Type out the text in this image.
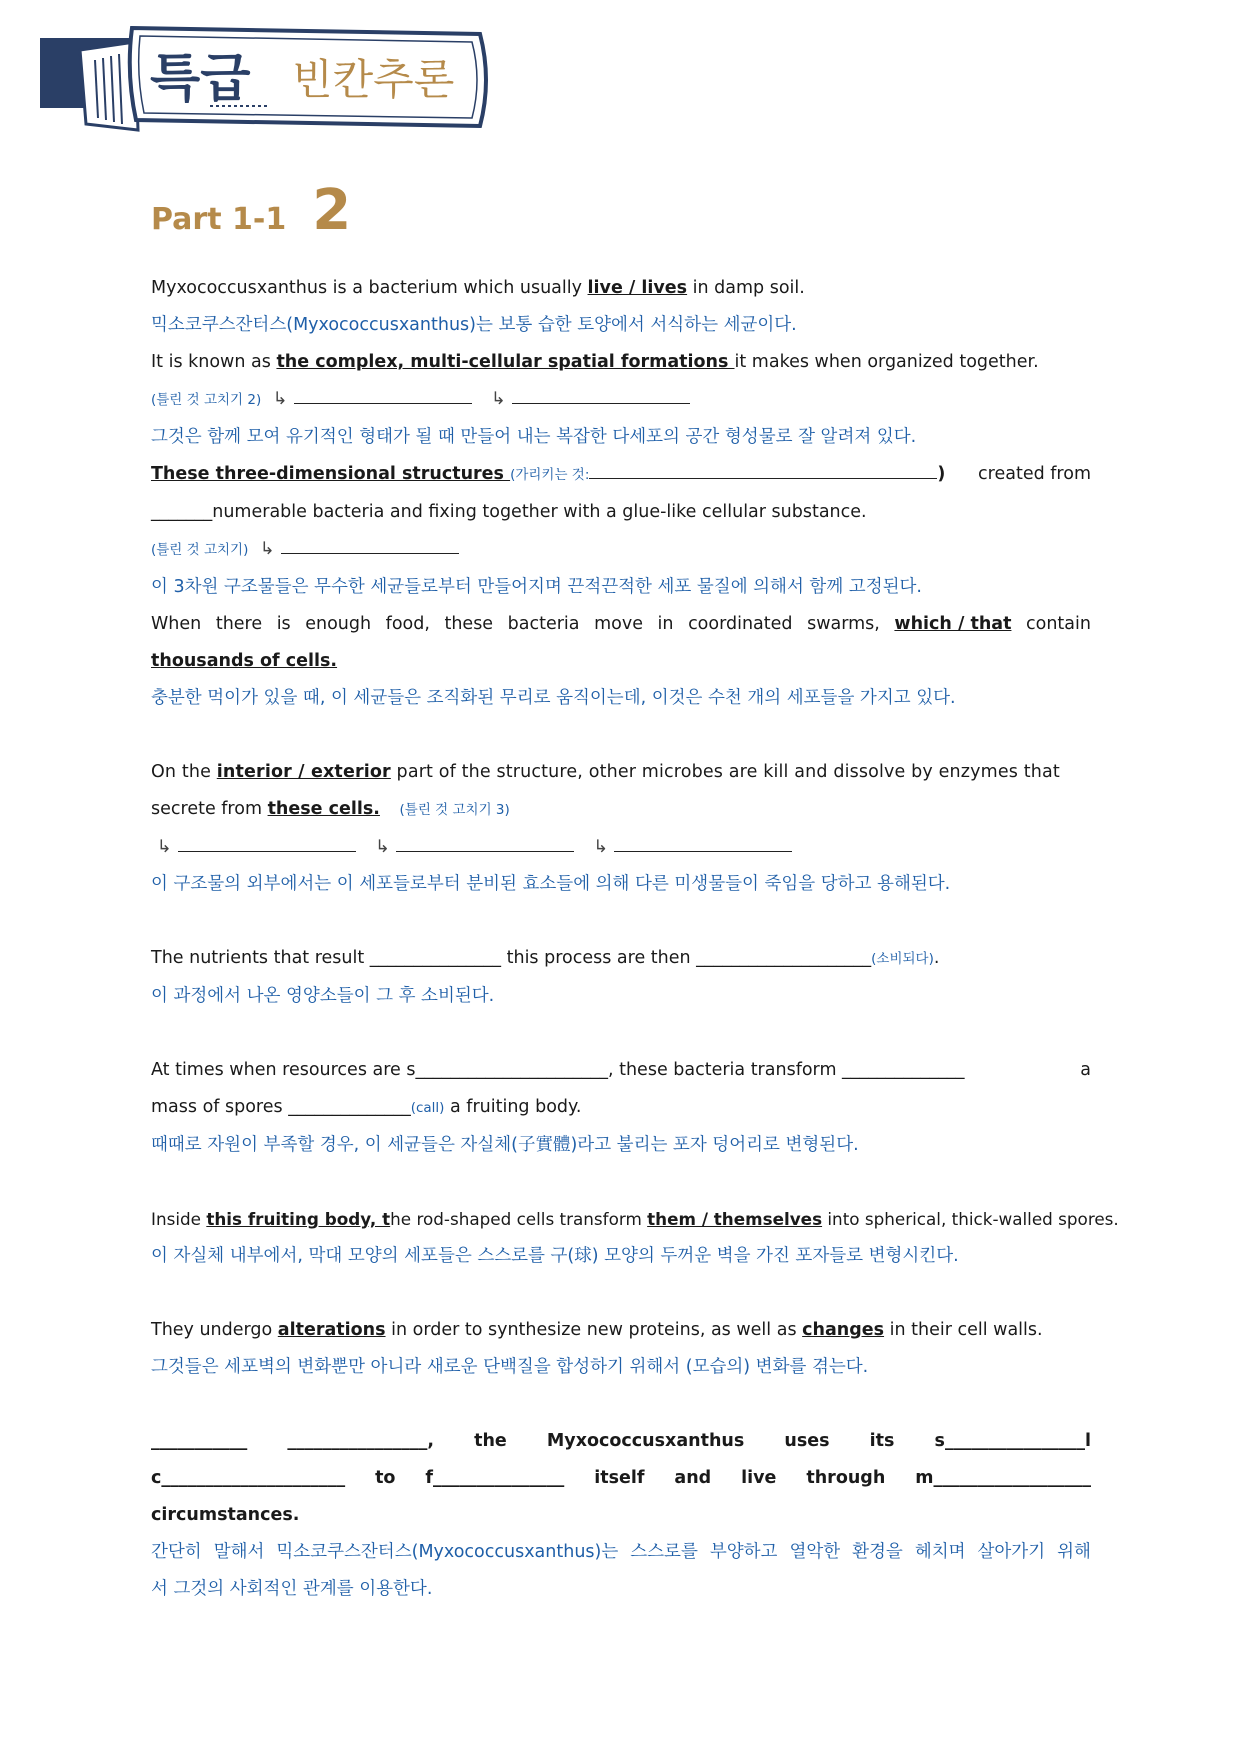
특급 빈칸추론
Part 1-1 2
Myxococcusxanthus is a bacterium which usually live / lives in damp soil.
믹소코쿠스잔터스(Myxococcusxanthus)는 보통 습한 토양에서 서식하는 세균이다.
It is known as the complex, multi-cellular spatial formations it makes when organized together.
(틀린 것 고치기 2) ↳	↳
그것은 함께 모여 유기적인 형태가 될 때 만들어 내는 복잡한 다세포의 공간 형성물로 잘 알려져 있다.
These three-dimensional structures (가리키는 것:	) created from
_______numerable bacteria and fixing together with a glue-like cellular substance.
(틀린 것 고치기) ↳
이 3차원 구조물들은 무수한 세균들로부터 만들어지며 끈적끈적한 세포 물질에 의해서 함께 고정된다.
When there is enough food, these bacteria move in coordinated swarms, which / that contain
thousands of cells.
충분한 먹이가 있을 때, 이 세균들은 조직화된 무리로 움직이는데, 이것은 수천 개의 세포들을 가지고 있다.
On the interior / exterior part of the structure, other microbes are kill and dissolve by enzymes that
secrete from these cells. (틀린 것 고치기 3)
↳	↳	↳
이 구조물의 외부에서는 이 세포들로부터 분비된 효소들에 의해 다른 미생물들이 죽임을 당하고 용해된다.
The nutrients that result _______________ this process are then ____________________(소비되다).
이 과정에서 나온 영양소들이 그 후 소비된다.
At times when resources are s______________________, these bacteria transform ______________	a
mass of spores ______________(call) a fruiting body.
때때로 자원이 부족할 경우, 이 세균들은 자실체(子實體)라고 불리는 포자 덩어리로 변형된다.
Inside this fruiting body, the rod-shaped cells transform them / themselves into spherical, thick-walled spores.
이 자실체 내부에서, 막대 모양의 세포들은 스스로를 구(球) 모양의 두꺼운 벽을 가진 포자들로 변형시킨다.
They undergo alterations in order to synthesize new proteins, as well as changes in their cell walls.
그것들은 세포벽의 변화뿐만 아니라 새로운 단백질을 합성하기 위해서 (모습의) 변화를 겪는다.
___________ ________________, the Myxococcusxanthus uses its s________________l
c_____________________ to f_______________ itself and live through m__________________
circumstances.
간단히 말해서 믹소코쿠스잔터스(Myxococcusxanthus)는 스스로를 부양하고 열악한 환경을 헤치며 살아가기 위해
서 그것의 사회적인 관계를 이용한다.
